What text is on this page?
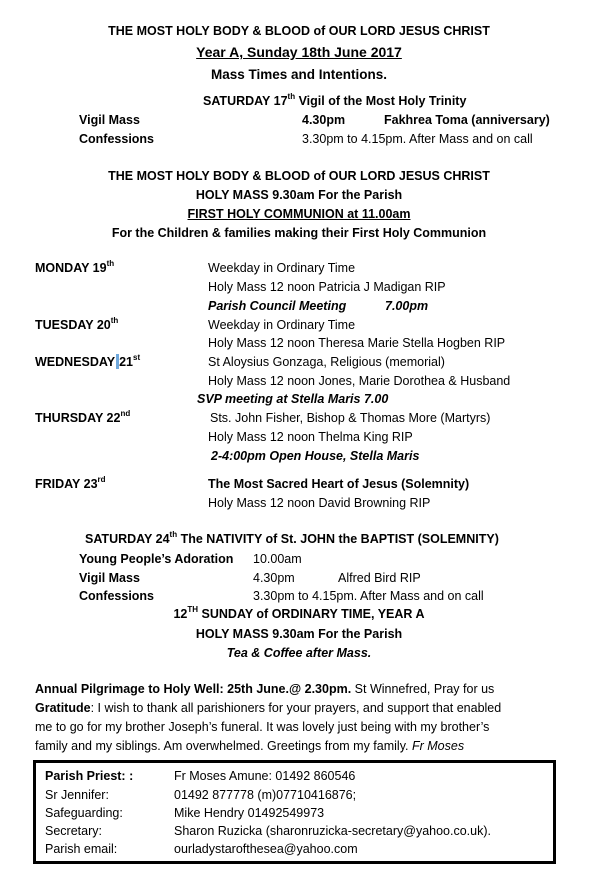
THE MOST HOLY BODY & BLOOD of OUR LORD JESUS CHRIST
Year A, Sunday 18th June 2017
Mass Times and Intentions.
SATURDAY 17th Vigil of the Most Holy Trinity
Vigil Mass	4.30pm	Fakhrea Toma (anniversary)
Confessions	3.30pm to 4.15pm. After Mass and on call
THE MOST HOLY BODY & BLOOD of OUR LORD JESUS CHRIST
HOLY MASS 9.30am For the Parish
FIRST HOLY COMMUNION at 11.00am
For the Children & families making their First Holy Communion
MONDAY 19th	Weekday in Ordinary Time
Holy Mass 12 noon Patricia J Madigan RIP
Parish Council Meeting	7.00pm
TUESDAY 20th	Weekday in Ordinary Time
Holy Mass 12 noon Theresa Marie Stella Hogben RIP
WEDNESDAY 21st	St Aloysius Gonzaga, Religious (memorial)
Holy Mass 12 noon Jones, Marie Dorothea & Husband
SVP meeting at Stella Maris 7.00
THURSDAY 22nd	Sts. John Fisher, Bishop & Thomas More (Martyrs)
Holy Mass 12 noon Thelma King RIP
2-4:00pm Open House, Stella Maris
FRIDAY 23rd	The Most Sacred Heart of Jesus (Solemnity)
Holy Mass 12 noon David Browning RIP
SATURDAY 24th The NATIVITY of St. JOHN the BAPTIST (SOLEMNITY)
Young People’s Adoration 10.00am
Vigil Mass	4.30pm	Alfred Bird RIP
Confessions	3.30pm to 4.15pm. After Mass and on call
12TH SUNDAY of ORDINARY TIME, YEAR A
HOLY MASS 9.30am For the Parish
Tea & Coffee after Mass.
Annual Pilgrimage to Holy Well: 25th June.@ 2.30pm. St Winnefred, Pray for us
Gratitude: I wish to thank all parishioners for your prayers, and support that enabled
me to go for my brother Joseph’s funeral. It was lovely just being with my brother’s
family and my siblings. Am overwhelmed. Greetings from my family. Fr Moses
Parish Priest: :	Fr Moses Amune: 01492 860546
Sr Jennifer:	01492 877778 (m)07710416876;
Safeguarding:	Mike Hendry 01492549973
Secretary:	Sharon Ruzicka (sharonruzicka-secretary@yahoo.co.uk).
Parish email:	ourladystarofthesea@yahoo.com
